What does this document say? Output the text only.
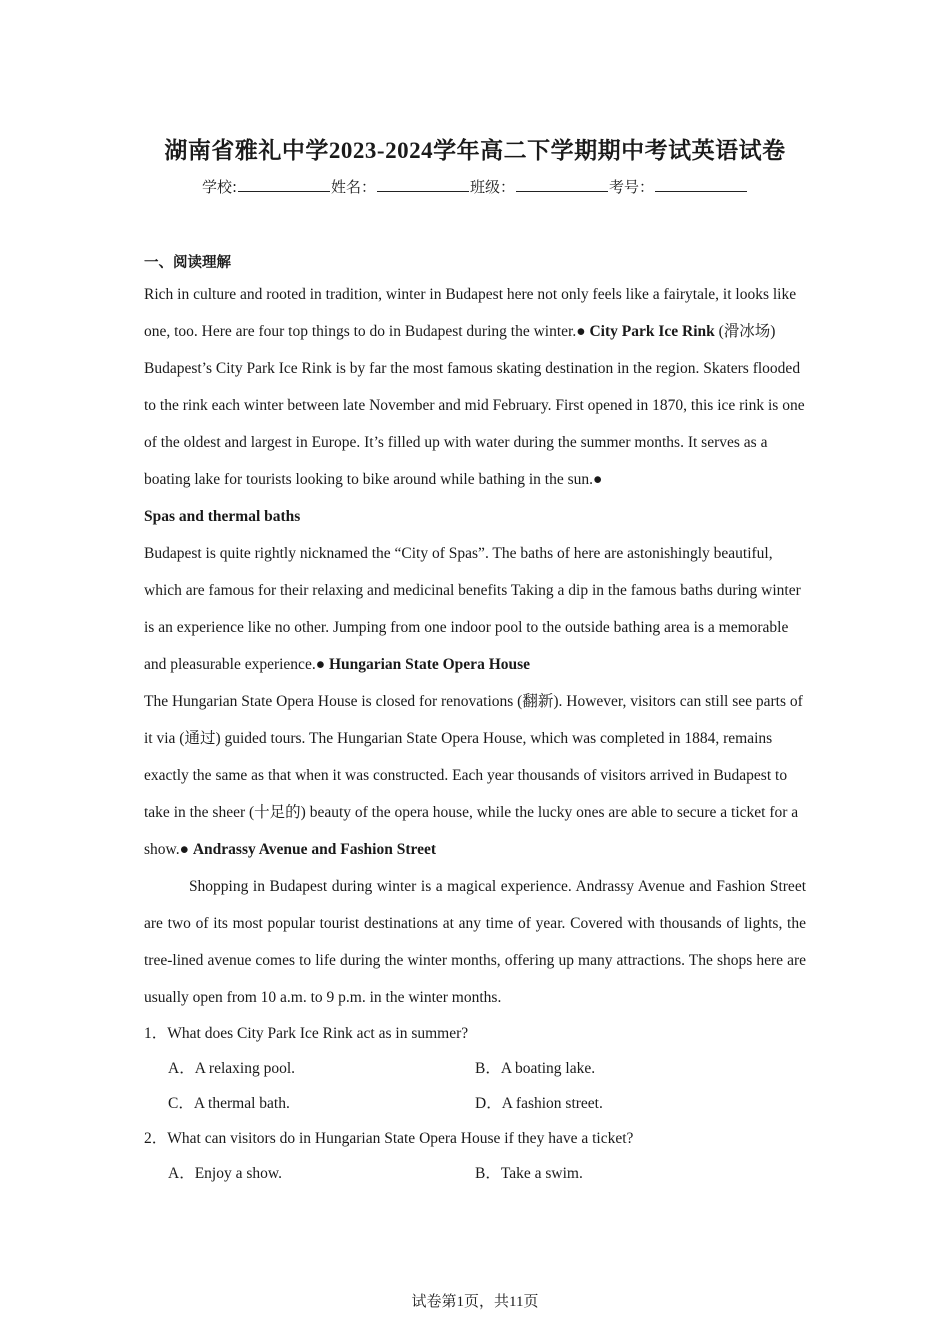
湖南省雅礼中学2023-2024学年高二下学期期中考试英语试卷
学校:	姓名：	班级：	考号：
一、阅读理解

Rich in culture and rooted in tradition, winter in Budapest here not only feels like a fairytale, it looks like one, too. Here are four top things to do in Budapest during the winter.● City Park Ice Rink (滑冰场)

Budapest’s City Park Ice Rink is by far the most famous skating destination in the region. Skaters flooded to the rink each winter between late November and mid February. First opened in 1870, this ice rink is one of the oldest and largest in Europe. It’s filled up with water during the summer months. It serves as a boating lake for tourists looking to bike around while bathing in the sun.●
Spas and thermal baths

Budapest is quite rightly nicknamed the “City of Spas”. The baths of here are astonishingly beautiful, which are famous for their relaxing and medicinal benefits Taking a dip in the famous baths during winter is an experience like no other. Jumping from one indoor pool to the outside bathing area is a memorable and pleasurable experience.● Hungarian State Opera House

The Hungarian State Opera House is closed for renovations (翻新). However, visitors can still see parts of it via (通过) guided tours. The Hungarian State Opera House, which was completed in 1884, remains exactly the same as that when it was constructed. Each year thousands of visitors arrived in Budapest to take in the sheer (十足的) beauty of the opera house, while the lucky ones are able to secure a ticket for a show.● Andrassy Avenue and Fashion Street

Shopping in Budapest during winter is a magical experience. Andrassy Avenue and Fashion Street are two of its most popular tourist destinations at any time of year. Covered with thousands of lights, the tree-lined avenue comes to life during the winter months, offering up many attractions. The shops here are usually open from 10 a.m. to 9 p.m. in the winter months.

1．What does City Park Ice Rink act as in summer?

A．A relaxing pool.	B．A boating lake.
C．A thermal bath.	D．A fashion street.

2．What can visitors do in Hungarian State Opera House if they have a ticket?

A．Enjoy a show.	B．Take a swim.
试卷第1页，共11页
